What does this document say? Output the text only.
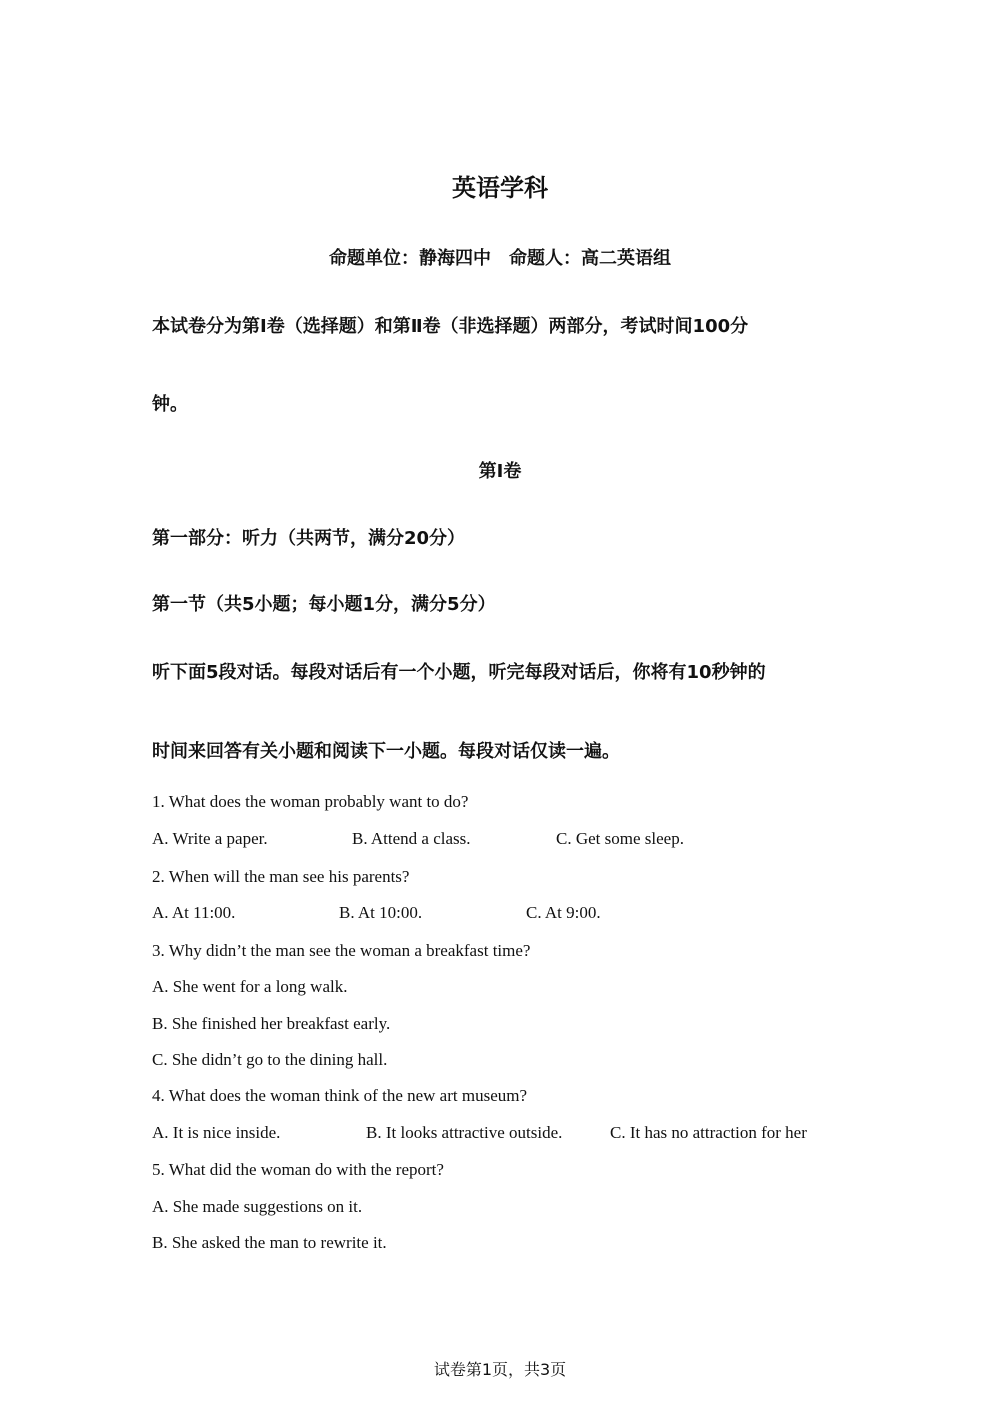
英语学科
命题单位：静海四中　命题人：高二英语组
本试卷分为第Ⅰ卷（选择题）和第Ⅱ卷（非选择题）两部分，考试时间100分
钟。
第Ⅰ卷
第一部分：听力（共两节，满分20分）
第一节（共5小题；每小题1分，满分5分）
听下面5段对话。每段对话后有一个小题，听完每段对话后，你将有10秒钟的
时间来回答有关小题和阅读下一小题。每段对话仅读一遍。
1. What does the woman probably want to do?
A. Write a paper.	B. Attend a class.	C. Get some sleep.
2. When will the man see his parents?
A. At 11:00.	B. At 10:00.	C. At 9:00.
3. Why didn’t the man see the woman a breakfast time?
A. She went for a long walk.
B. She finished her breakfast early.
C. She didn’t go to the dining hall.
4. What does the woman think of the new art museum?
A. It is nice inside.	B. It looks attractive outside.	C. It has no attraction for her
5. What did the woman do with the report?
A. She made suggestions on it.
B. She asked the man to rewrite it.
试卷第1页，共3页
